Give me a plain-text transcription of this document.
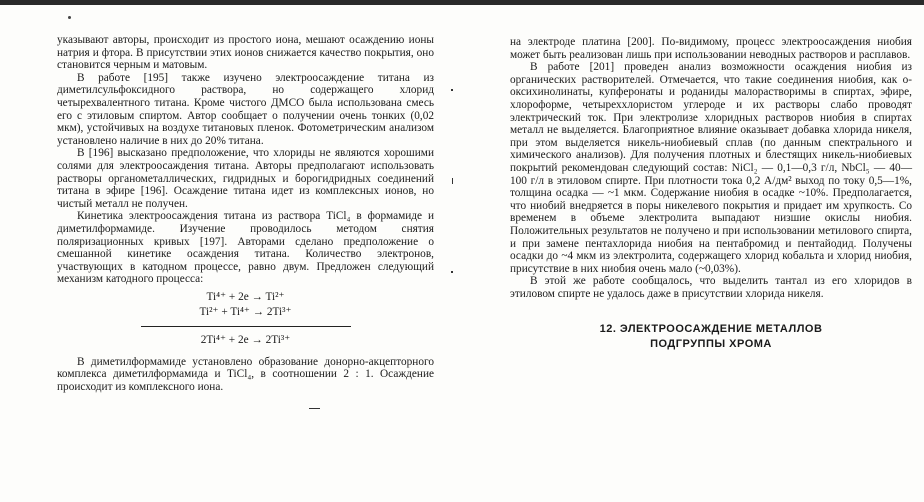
указывают авторы, происходит из простого иона, мешают осаждению ионы натрия и фтора. В присутствии этих ионов снижается качество покрытия, оно становится черным и матовым.

В работе [195] также изучено электроосаждение титана из диметилсульфоксидного раствора, но содержащего хлорид четырехвалентного титана. Кроме чистого ДМСО была использована смесь его с этиловым спиртом. Автор сообщает о получении очень тонких (0,02 мкм), устойчивых на воздухе титановых пленок. Фотометрическим анализом установлено наличие в них до 20% титана.

В [196] высказано предположение, что хлориды не являются хорошими солями для электроосаждения титана. Авторы предполагают использовать растворы органометаллических, гидридных и борогидридных соединений титана в эфире [196]. Осаждение титана идет из комплексных ионов, но чистый металл не получен.

Кинетика электроосаждения титана из раствора TiCl₄ в формамиде и диметилформамиде. Изучение проводилось методом снятия поляризационных кривых [197]. Авторами сделано предположение о смешанной кинетике осаждения титана. Количество электронов, участвующих в катодном процессе, равно двум. Предложен следующий механизм катодного процесса:

Ti⁴⁺ + 2e → Ti²⁺
Ti²⁺ + Ti⁴⁺ → 2Ti³⁺
2Ti⁴⁺ + 2e → 2Ti³⁺

В диметилформамиде установлено образование донорно-акцепторного комплекса диметилформамида и TiCl₄, в соотношении 2 : 1. Осаждение происходит из комплексного иона.

на электроде платина [200]. По-видимому, процесс электроосаждения ниобия может быть реализован лишь при использовании неводных растворов и расплавов.

В работе [201] проведен анализ возможности осаждения ниобия из органических растворителей. Отмечается, что такие соединения ниобия, как о-оксихинолинаты, купферонаты и роданиды малорастворимы в спиртах, эфире, хлороформе, четыреххлористом углероде и их растворы слабо проводят электрический ток. При электролизе хлоридных растворов ниобия в спиртах металл не выделяется. Благоприятное влияние оказывает добавка хлорида никеля, при этом выделяется никель-ниобиевый сплав (по данным спектрального и химического анализов). Для получения плотных и блестящих никель-ниобиевых покрытий рекомендован следующий состав: NiCl₂ — 0,1—0,3 г/л, NbCl₅ — 40—100 г/л в этиловом спирте. При плотности тока 0,2 А/дм² выход по току 0,5—1%, толщина осадка — ~1 мкм. Содержание ниобия в осадке ~10%. Предполагается, что ниобий внедряется в поры никелевого покрытия и придает им хрупкость. Со временем в объеме электролита выпадают низшие окислы ниобия. Положительных результатов не получено и при использовании метилового спирта, и при замене пентахлорида ниобия на пентабромид и пентайодид. Получены осадки до ~4 мкм из электролита, содержащего хлорид кобальта и хлорид ниобия, присутствие в них ниобия очень мало (~0,03%).

В этой же работе сообщалось, что выделить тантал из его хлоридов в этиловом спирте не удалось даже в присутствии хлорида никеля.

12. ЭЛЕКТРООСАЖДЕНИЕ МЕТАЛЛОВ
ПОДГРУППЫ ХРОМА
